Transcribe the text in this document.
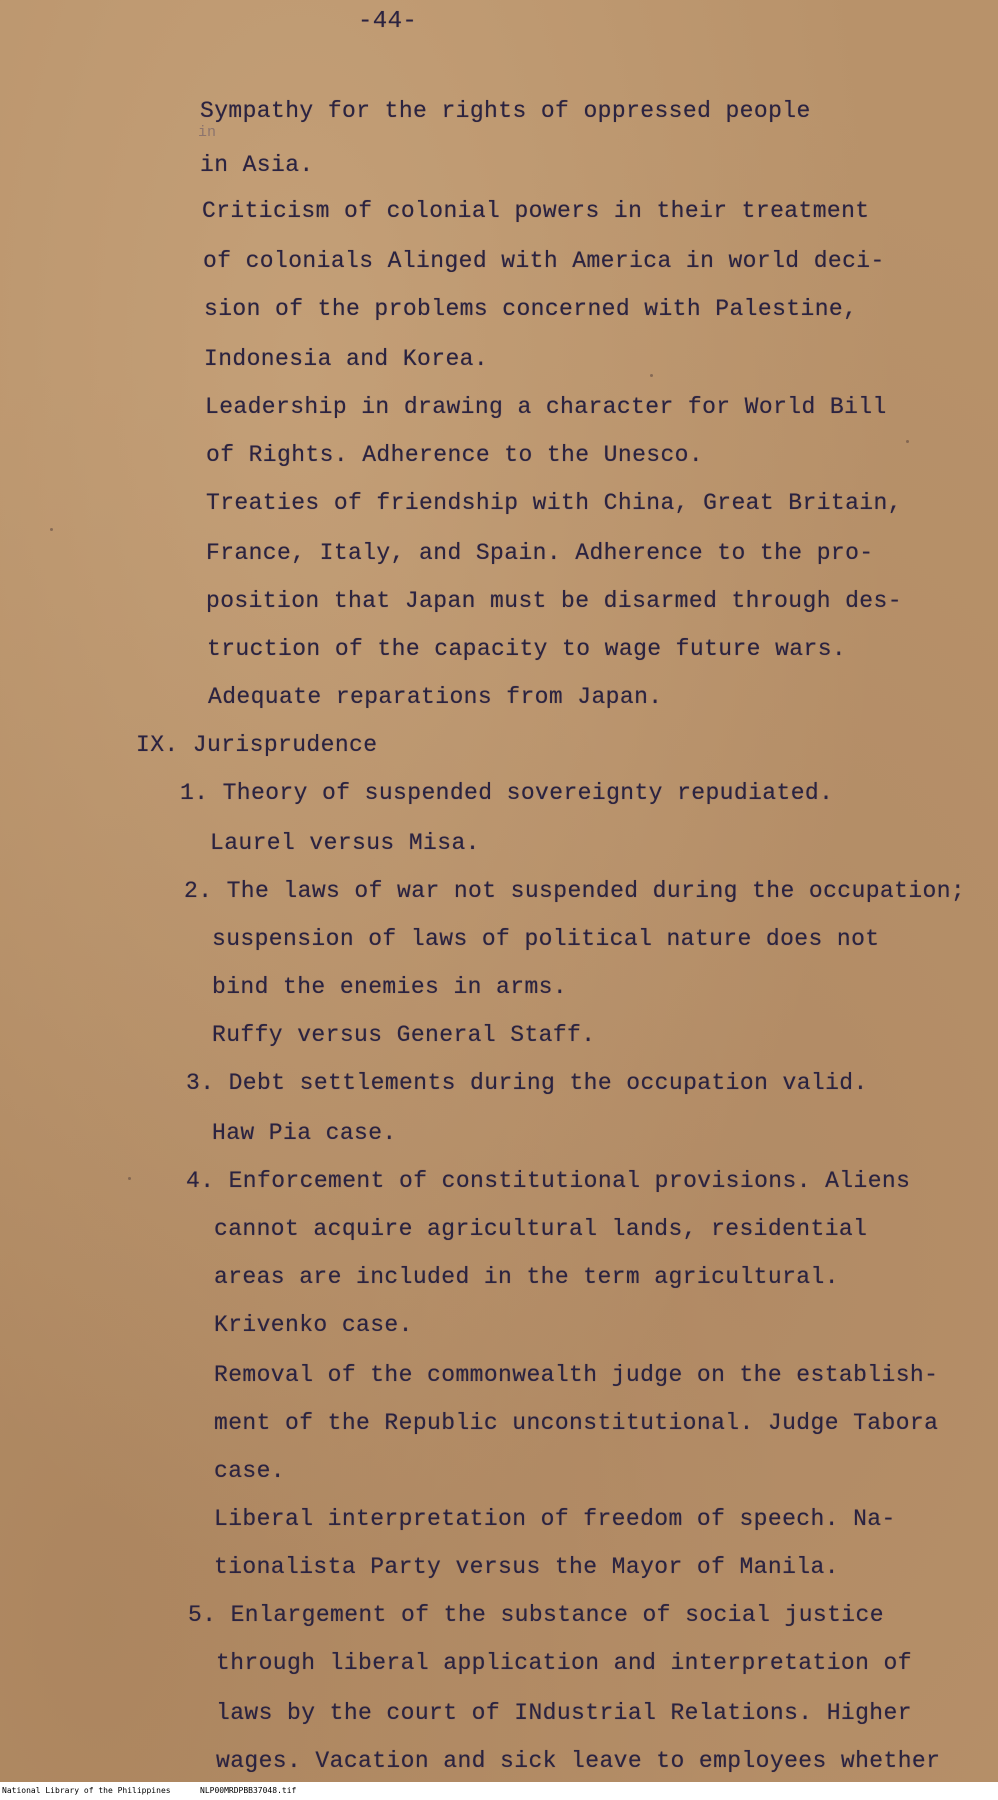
-44-
in
Sympathy for the rights of oppressed people
in Asia.
Criticism of colonial powers in their treatment
of colonials Alinged with America in world deci-
sion of the problems concerned with Palestine,
Indonesia and Korea.
Leadership in drawing a character for World Bill
of Rights. Adherence to the Unesco.
Treaties of friendship with China, Great Britain,
France, Italy, and Spain. Adherence to the pro-
position that Japan must be disarmed through des-
truction of the capacity to wage future wars.
Adequate reparations from Japan.
IX. Jurisprudence
1. Theory of suspended sovereignty repudiated.
Laurel versus Misa.
2. The laws of war not suspended during the occupation;
suspension of laws of political nature does not
bind the enemies in arms.
Ruffy versus General Staff.
3. Debt settlements during the occupation valid.
Haw Pia case.
4. Enforcement of constitutional provisions. Aliens
cannot acquire agricultural lands, residential
areas are included in the term agricultural.
Krivenko case.
Removal of the commonwealth judge on the establish-
ment of the Republic unconstitutional. Judge Tabora
case.
Liberal interpretation of freedom of speech. Na-
tionalista Party versus the Mayor of Manila.
5. Enlargement of the substance of social justice
through liberal application and interpretation of
laws by the court of INdustrial Relations. Higher
wages. Vacation and sick leave to employees whether
National Library of the Philippines	NLP00MRDPBB37048.tif
